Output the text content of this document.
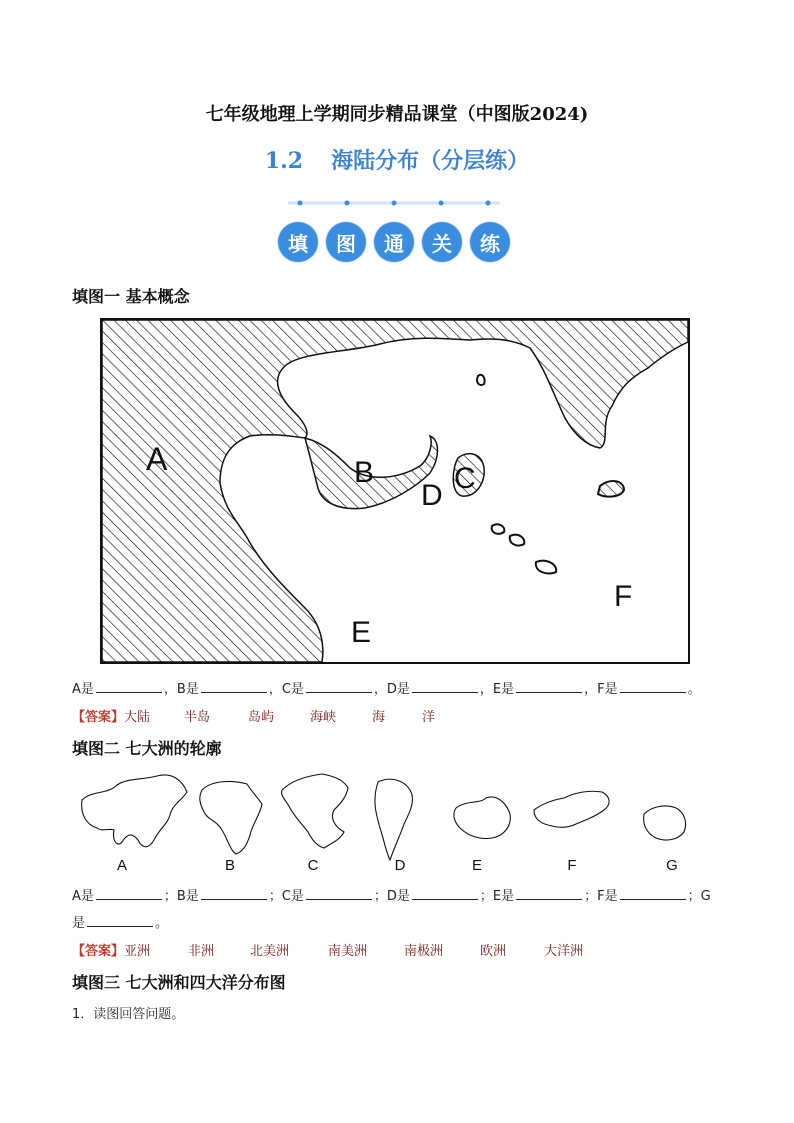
七年级地理上学期同步精品课堂（中图版2024)
1.2 海陆分布（分层练）
填	图	通	关	练
填图一 基本概念
A	B	C
D
E
F
A是	，B是	，C是	，D是	，E是	，F是	。
【答案】大陆	半岛	岛屿	海峡	海	洋
填图二 七大洲的轮廓
A	B	C	D	E	F	G
A是	；B是	；C是	；D是	；E是	；F是	；G
是	。
【答案】亚洲	非洲	北美洲	南美洲	南极洲	欧洲	大洋洲
填图三 七大洲和四大洋分布图
1．读图回答问题。
